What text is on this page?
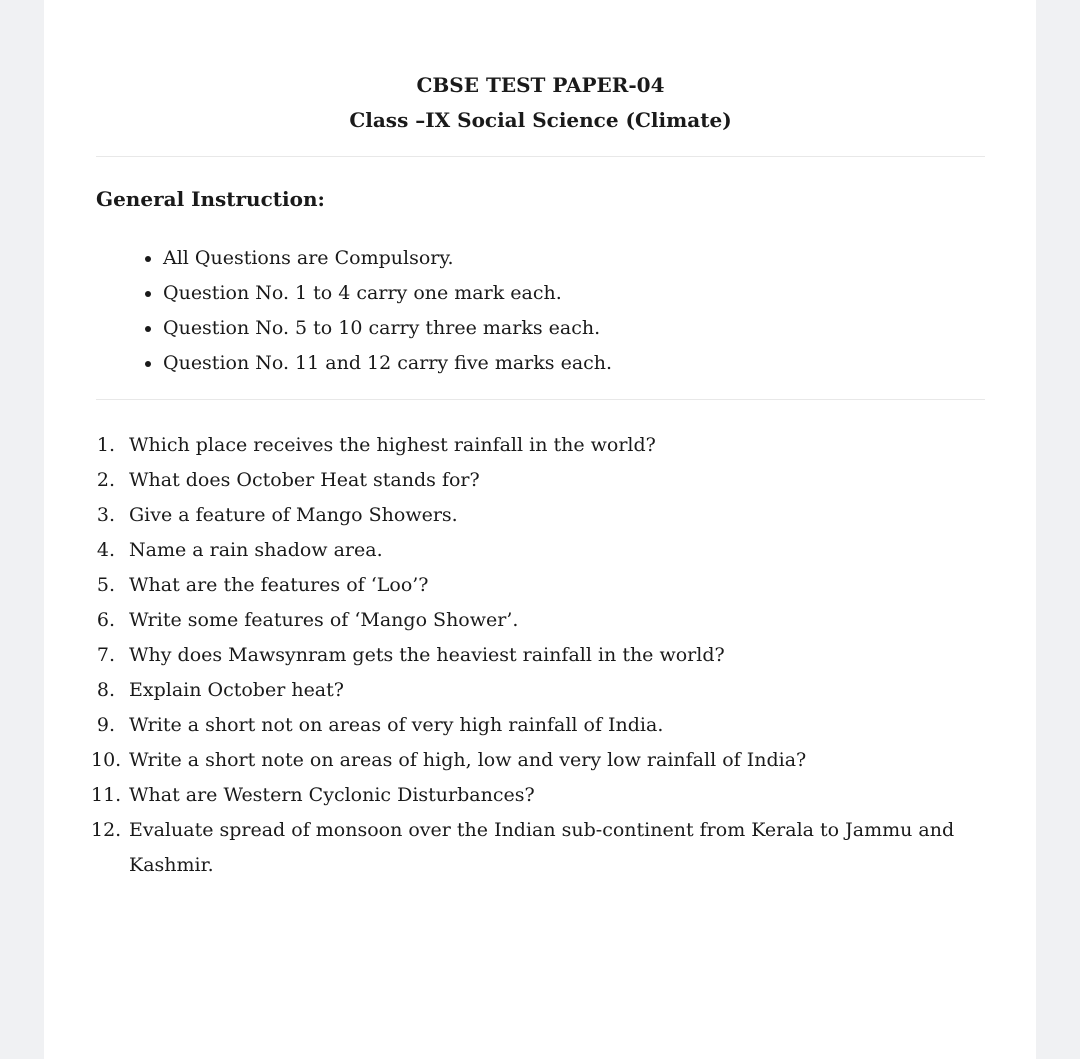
CBSE TEST PAPER-04
Class –IX Social Science (Climate)
General Instruction:
• All Questions are Compulsory.
• Question No. 1 to 4 carry one mark each.
• Question No. 5 to 10 carry three marks each.
• Question No. 11 and 12 carry five marks each.
1. Which place receives the highest rainfall in the world?
2. What does October Heat stands for?
3. Give a feature of Mango Showers.
4. Name a rain shadow area.
5. What are the features of ‘Loo’?
6. Write some features of ‘Mango Shower’.
7. Why does Mawsynram gets the heaviest rainfall in the world?
8. Explain October heat?
9. Write a short not on areas of very high rainfall of India.
10. Write a short note on areas of high, low and very low rainfall of India?
11. What are Western Cyclonic Disturbances?
12. Evaluate spread of monsoon over the Indian sub-continent from Kerala to Jammu and Kashmir.
